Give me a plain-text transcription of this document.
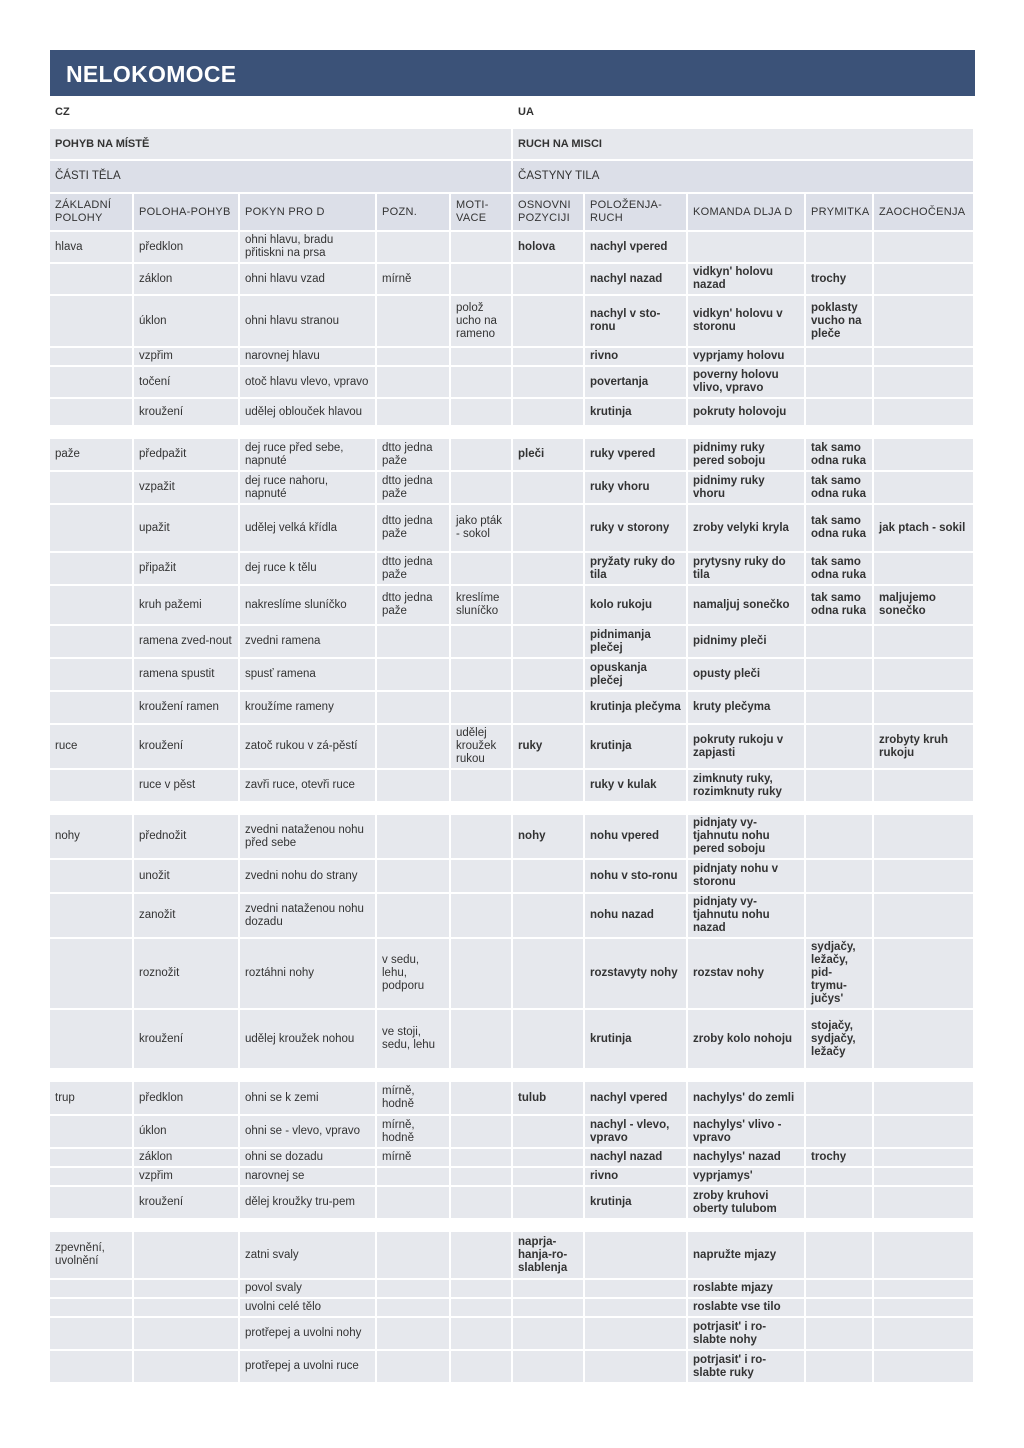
NELOKOMOCE
CZ					UA				
POHYB NA MÍSTĚ					RUCH NA MISCI				
ČÁSTI TĚLA					ČASTYNY TILA				
ZÁKLADNÍ POLOHY	POLOHA-POHYB	POKYN PRO D	POZN.	MOTI-VACE	OSNOVNI POZYCIJI	POLOŽENJA-RUCH	KOMANDA DLJA D	PRYMITKA	ZAOCHOČENJA
hlava	předklon	ohni hlavu, bradu přitiskni na prsa			holova	nachyl vpered			
	záklon	ohni hlavu vzad	mírně			nachyl nazad	vidkyn' holovu nazad	trochy	
	úklon	ohni hlavu stranou		polož ucho na rameno		nachyl v sto-ronu	vidkyn' holovu v storonu	poklasty vucho na plečе	
	vzpřim	narovnej hlavu				rivno	vyprjamy holovu		
	točení	otoč hlavu vlevo, vpravo				povertanja	poverny holovu vlivo, vpravo		
	kroužení	udělej oblouček hlavou				krutinja	pokruty holovoju		

paže	předpažit	dej ruce před sebe, napnuté	dtto jedna paže		pleči	ruky vpered	pidnimy ruky pered soboju	tak samo odna ruka	
	vzpažit	dej ruce nahoru, napnuté	dtto jedna paže			ruky vhoru	pidnimy ruky vhoru	tak samo odna ruka	
	upažit	udělej velká křídla	dtto jedna paže	jako pták - sokol		ruky v storony	zroby velyki kryla	tak samo odna ruka	jak ptach - sokil
	připažit	dej ruce k tělu	dtto jedna paže			pryžaty ruky do tila	prytysny ruky do tila	tak samo odna ruka	
	kruh pažemi	nakreslíme sluníčko	dtto jedna paže	kreslíme sluníčko		kolo rukoju	namaljuj sonečko	tak samo odna ruka	maljujemo sonečko
	ramena zved-nout	zvedni ramena				pidnimanja plečej	pidnimy pleči		
	ramena spustit	spusť ramena				opuskanja plečej	opusty pleči		
	kroužení ramen	kroužíme rameny				krutinja plečyma	kruty plečyma		
ruce	kroužení	zatoč rukou v zá-pěstí		udělej kroužek rukou	ruky	krutinja	pokruty rukoju v zapjasti		zrobyty kruh rukoju
	ruce v pěst	zavři ruce, otevři ruce				ruky v kulak	zimknuty ruky, rozimknuty ruky		

nohy	přednožit	zvedni nataženou nohu před sebe			nohy	nohu vpered	pidnjaty vy-tjahnutu nohu pered soboju		
	unožit	zvedni nohu do strany				nohu v sto-ronu	pidnjaty nohu v storonu		
	zanožit	zvedni nataženou nohu dozadu				nohu nazad	pidnjaty vy-tjahnutu nohu nazad		
	roznožit	roztáhni nohy	v sedu, lehu, podporu			rozstavyty nohy	rozstav nohy	sydjačy, ležačy, pid-trymu-jučys'	
	kroužení	udělej kroužek nohou	ve stoji, sedu, lehu			krutinja	zroby kolo nohoju	stojačy, sydjačy, ležačy	

trup	předklon	ohni se k zemi	mírně, hodně		tulub	nachyl vpered	nachylys' do zemli		
	úklon	ohni se - vlevo, vpravo	mírně, hodně			nachyl - vlevo, vpravo	nachylys' vlivo - vpravo		
	záklon	ohni se dozadu	mírně			nachyl nazad	nachylys' nazad	trochy	
	vzpřim	narovnej se				rivno	vyprjamys'		
	kroužení	dělej kroužky tru-pem				krutinja	zroby kruhovi oberty tulubom		

zpevnění, uvolnění		zatni svaly			naprja-hanja-ro-slablenja		napružte mjazy		
		povol svaly					roslabte mjazy		
		uvolni celé tělo					roslabte vse tilo		
		protřepej a uvolni nohy					potrjasit' i ro-slabte nohy		
		protřepej a uvolni ruce					potrjasit' i ro-slabte ruky		
